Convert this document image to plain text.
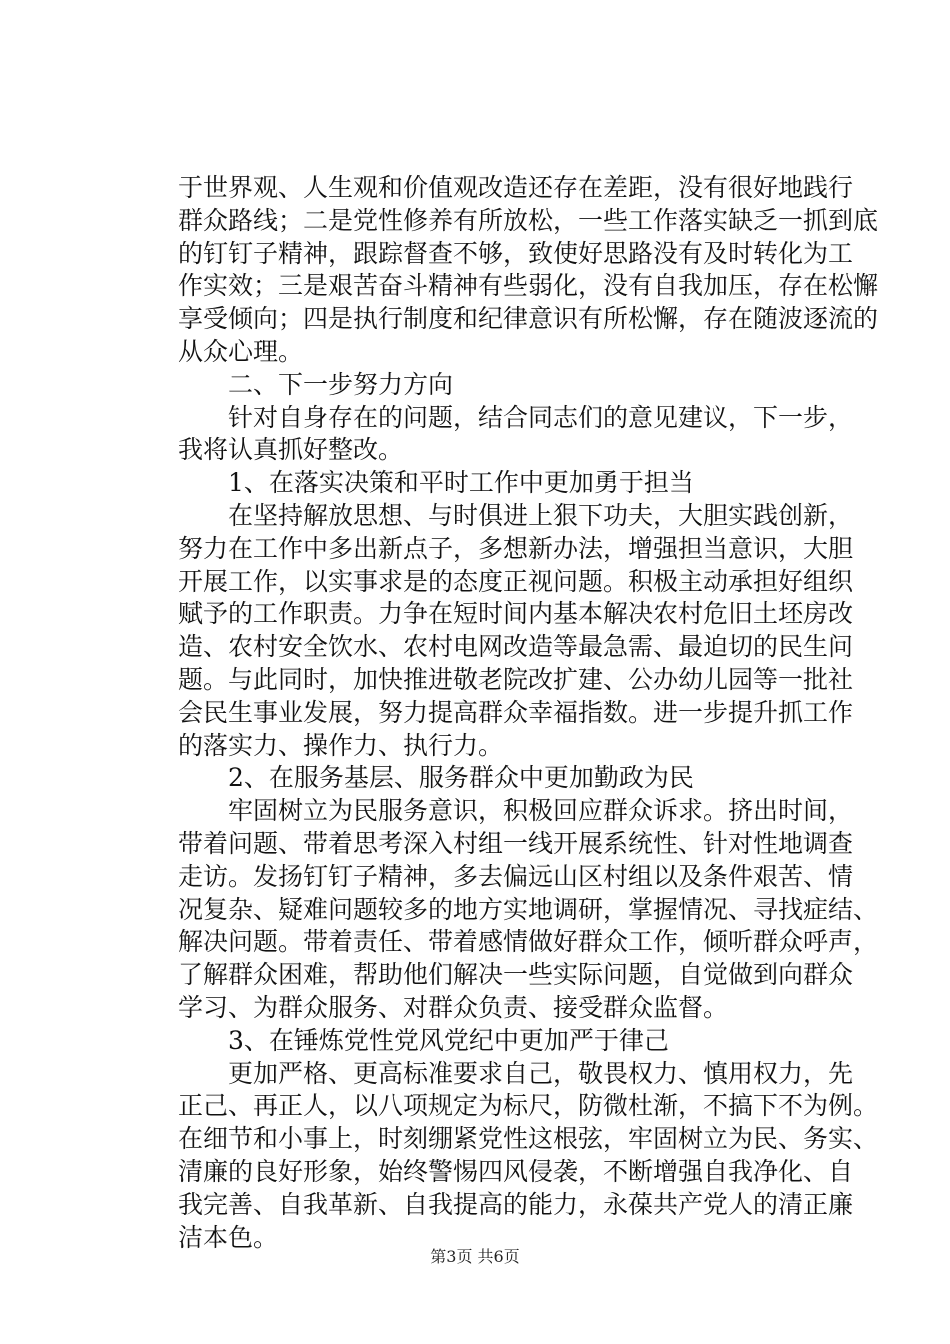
于世界观、人生观和价值观改造还存在差距，没有很好地践行
群众路线；二是党性修养有所放松，一些工作落实缺乏一抓到底
的钉钉子精神，跟踪督查不够，致使好思路没有及时转化为工
作实效；三是艰苦奋斗精神有些弱化，没有自我加压，存在松懈
享受倾向；四是执行制度和纪律意识有所松懈，存在随波逐流的
从众心理。
　　二、下一步努力方向
　　针对自身存在的问题，结合同志们的意见建议，下一步，
我将认真抓好整改。
　　1、在落实决策和平时工作中更加勇于担当
　　在坚持解放思想、与时俱进上狠下功夫，大胆实践创新，
努力在工作中多出新点子，多想新办法，增强担当意识，大胆
开展工作，以实事求是的态度正视问题。积极主动承担好组织
赋予的工作职责。力争在短时间内基本解决农村危旧土坯房改
造、农村安全饮水、农村电网改造等最急需、最迫切的民生问
题。与此同时，加快推进敬老院改扩建、公办幼儿园等一批社
会民生事业发展，努力提高群众幸福指数。进一步提升抓工作
的落实力、操作力、执行力。
　　2、在服务基层、服务群众中更加勤政为民
　　牢固树立为民服务意识，积极回应群众诉求。挤出时间，
带着问题、带着思考深入村组一线开展系统性、针对性地调查
走访。发扬钉钉子精神，多去偏远山区村组以及条件艰苦、情
况复杂、疑难问题较多的地方实地调研，掌握情况、寻找症结、
解决问题。带着责任、带着感情做好群众工作，倾听群众呼声，
了解群众困难，帮助他们解决一些实际问题，自觉做到向群众
学习、为群众服务、对群众负责、接受群众监督。
　　3、在锤炼党性党风党纪中更加严于律己
　　更加严格、更高标准要求自己，敬畏权力、慎用权力，先
正己、再正人，以八项规定为标尺，防微杜渐，不搞下不为例。
在细节和小事上，时刻绷紧党性这根弦，牢固树立为民、务实、
清廉的良好形象，始终警惕四风侵袭，不断增强自我净化、自
我完善、自我革新、自我提高的能力，永葆共产党人的清正廉
洁本色。
第3页 共6页
